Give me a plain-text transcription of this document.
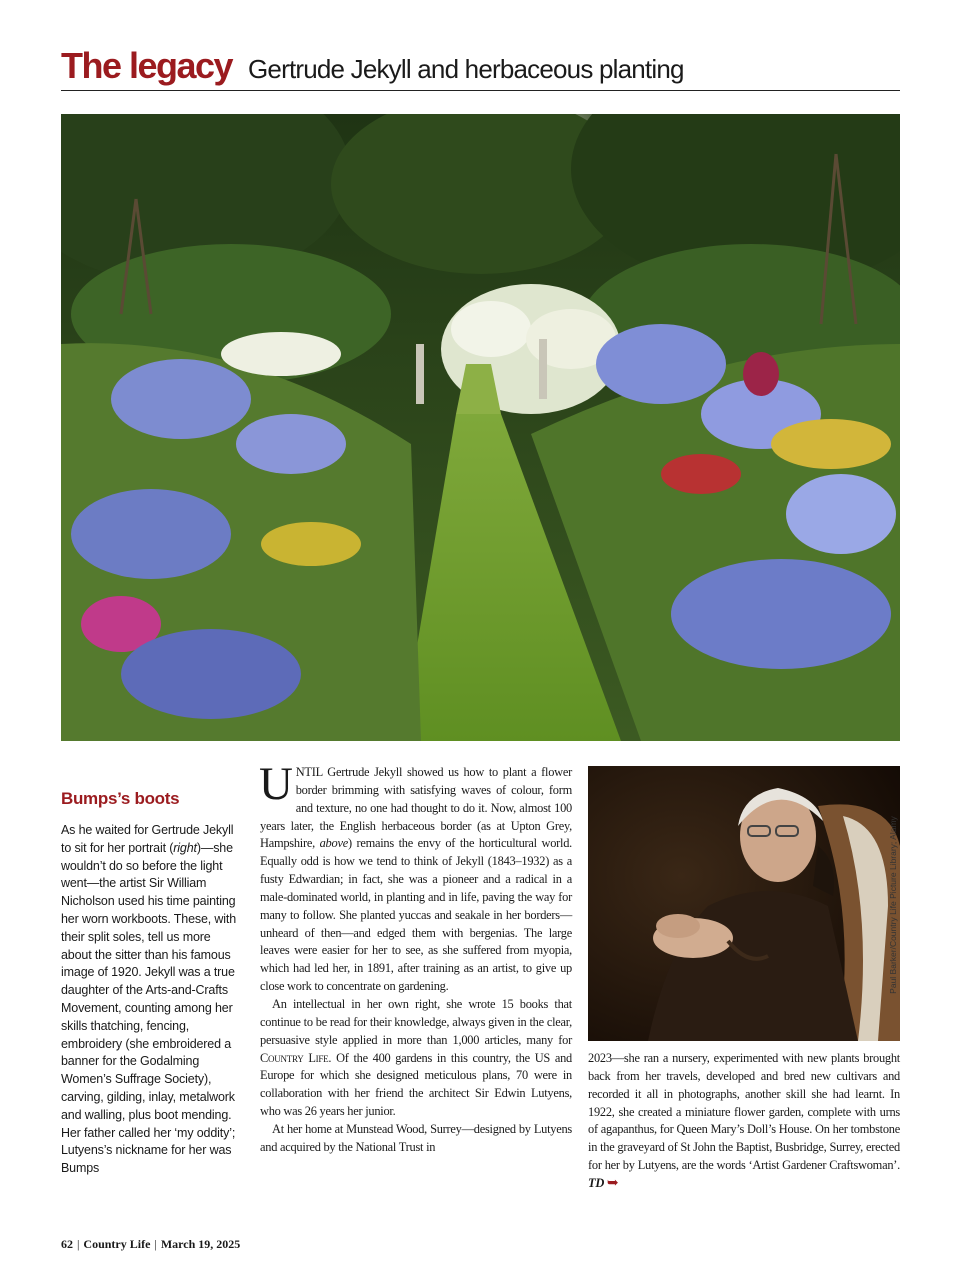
The legacy Gertrude Jekyll and herbaceous planting
Bumps’s boots

As he waited for Gertrude Jekyll to sit for her portrait (right)—she wouldn’t do so before the light went—the artist Sir William Nicholson used his time painting her worn workboots. These, with their split soles, tell us more about the sitter than his famous image of 1920. Jekyll was a true daughter of the Arts-and-Crafts Movement, counting among her skills thatching, fencing, embroidery (she embroidered a banner for the Godalming Women’s Suffrage Society), carving, gilding, inlay, metalwork and walling, plus boot mending. Her father called her ‘my oddity’; Lutyens’s nickname for her was Bumps

UNTIL Gertrude Jekyll showed us how to plant a flower border brimming with satisfying waves of colour, form and texture, no one had thought to do it. Now, almost 100 years later, the English herbaceous border (as at Upton Grey, Hampshire, above) remains the envy of the horticultural world. Equally odd is how we tend to think of Jekyll (1843–1932) as a fusty Edwardian; in fact, she was a pioneer and a radical in a male-dominated world, in planting and in life, paving the way for many to follow. She planted yuccas and seakale in her borders—unheard of then—and edged them with bergenias. The large leaves were easier for her to see, as she suffered from myopia, which had led her, in 1891, after training as an artist, to give up close work to concentrate on gardening.

An intellectual in her own right, she wrote 15 books that continue to be read for their knowledge, always given in the clear, persuasive style applied in more than 1,000 articles, many for Country Life. Of the 400 gardens in this country, the US and Europe for which she designed meticulous plans, 70 were in collaboration with her friend the architect Sir Edwin Lutyens, who was 26 years her junior.

At her home at Munstead Wood, Surrey—designed by Lutyens and acquired by the National Trust in

2023—she ran a nursery, experimented with new plants brought back from her travels, developed and bred new cultivars and recorded it all in photographs, another skill she had learnt. In 1922, she created a miniature flower garden, complete with urns of agapanthus, for Queen Mary’s Doll’s House. On her tombstone in the graveyard of St John the Baptist, Busbridge, Surrey, erected for her by Lutyens, are the words ‘Artist Gardener Craftswoman’. TD ➥

Paul Barker/Country Life Picture Library; Alamy
62 | Country Life | March 19, 2025
